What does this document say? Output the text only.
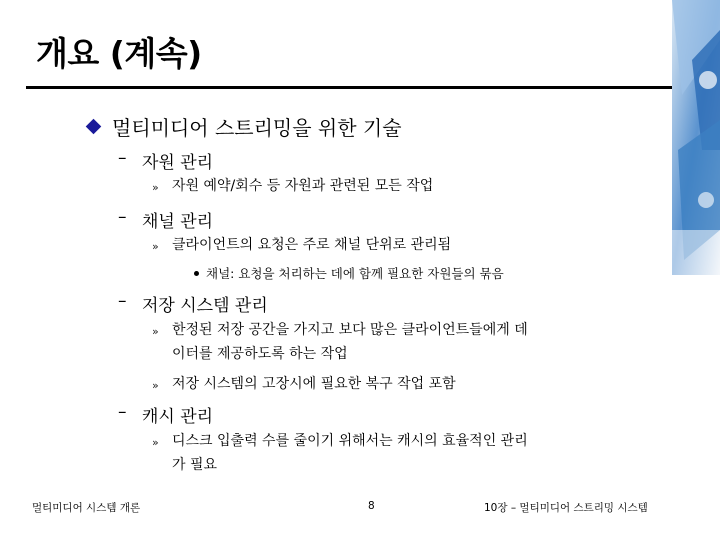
개요 (계속)
멀티미디어 스트리밍을 위한 기술
– 자원 관리
» 자원 예약/회수 등 자원과 관련된 모든 작업
– 채널 관리
» 클라이언트의 요청은 주로 채널 단위로 관리됨
채널: 요청을 처리하는 데에 함께 필요한 자원들의 묶음
– 저장 시스템 관리
» 한정된 저장 공간을 가지고 보다 많은 클라이언트들에게 데
이터를 제공하도록 하는 작업
» 저장 시스템의 고장시에 필요한 복구 작업 포함
– 캐시 관리
» 디스크 입출력 수를 줄이기 위해서는 캐시의 효율적인 관리
가 필요
멀티미디어 시스템 개론	8	10장 – 멀티미디어 스트리밍 시스템
